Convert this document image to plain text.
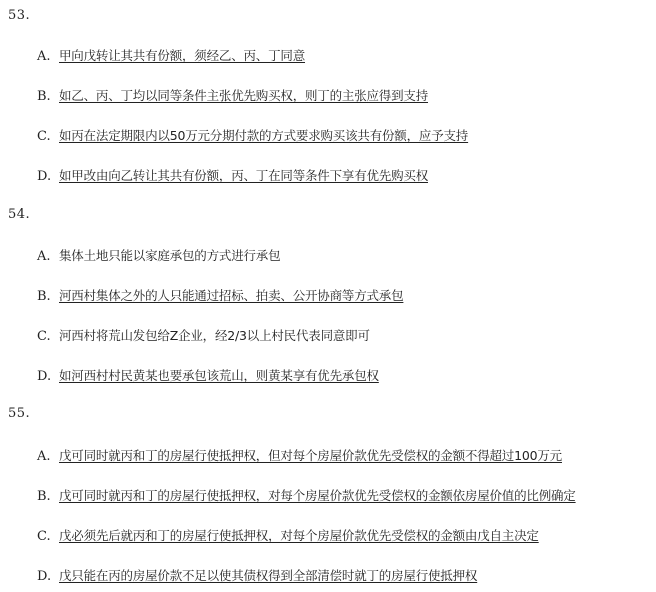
53.
A. 甲向戊转让其共有份额，须经乙、丙、丁同意
B. 如乙、丙、丁均以同等条件主张优先购买权，则丁的主张应得到支持
C. 如丙在法定期限内以50万元分期付款的方式要求购买该共有份额，应予支持
D. 如甲改由向乙转让其共有份额，丙、丁在同等条件下享有优先购买权
54.
A. 集体土地只能以家庭承包的方式进行承包
B. 河西村集体之外的人只能通过招标、拍卖、公开协商等方式承包
C. 河西村将荒山发包给Z企业，经2/3以上村民代表同意即可
D. 如河西村村民黄某也要承包该荒山，则黄某享有优先承包权
55.
A. 戊可同时就丙和丁的房屋行使抵押权，但对每个房屋价款优先受偿权的金额不得超过100万元
B. 戊可同时就丙和丁的房屋行使抵押权，对每个房屋价款优先受偿权的金额依房屋价值的比例确定
C. 戊必须先后就丙和丁的房屋行使抵押权，对每个房屋价款优先受偿权的金额由戊自主决定
D. 戊只能在丙的房屋价款不足以使其债权得到全部清偿时就丁的房屋行使抵押权
